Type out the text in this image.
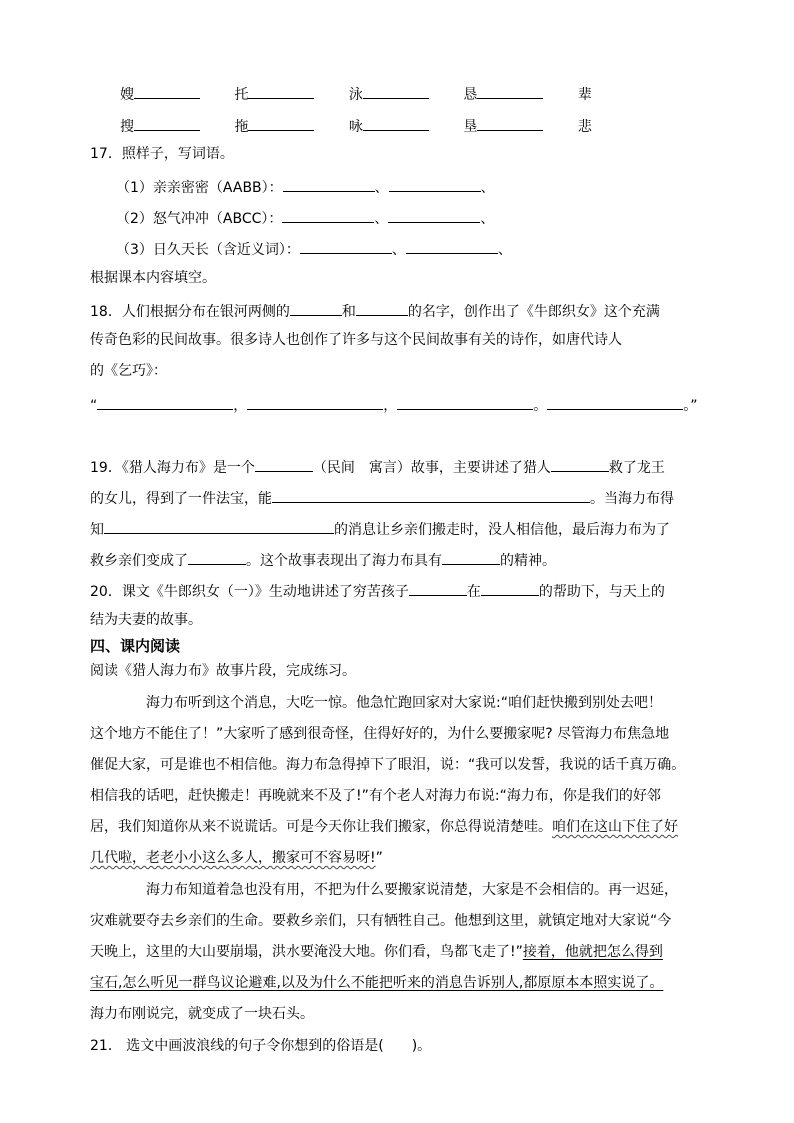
嫂	托	泳	恳	辈
搜	拖	咏	垦	悲
17．照样子，写词语。
（1）亲亲密密（AABB）：	、	、
（2）怒气冲冲（ABCC）：	、	、
（3）日久天长（含近义词）：	、	、
根据课本内容填空。
18．人们根据分布在银河两侧的	和	的名字，创作出了《牛郎织女》这个充满
传奇色彩的民间故事。很多诗人也创作了许多与这个民间故事有关的诗作，如唐代诗人
的《乞巧》：
“	，	，	。	。”
19．《猎人海力布》是一个	（民间　寓言）故事，主要讲述了猎人	救了龙王
的女儿，得到了一件法宝，能	。当海力布得
知	的消息让乡亲们搬走时，没人相信他，最后海力布为了
救乡亲们变成了	。这个故事表现出了海力布具有	的精神。
20．课文《牛郎织女（一）》生动地讲述了穷苦孩子	在	的帮助下，与天上的
结为夫妻的故事。
四、课内阅读
阅读《猎人海力布》故事片段，完成练习。
海力布听到这个消息，大吃一惊。他急忙跑回家对大家说:“咱们赶快搬到别处去吧！
这个地方不能住了！”大家听了感到很奇怪，住得好好的，为什么要搬家呢? 尽管海力布焦急地
催促大家，可是谁也不相信他。海力布急得掉下了眼泪，说：“我可以发誓，我说的话千真万确。
相信我的话吧，赶快搬走！再晚就来不及了!”有个老人对海力布说:“海力布，你是我们的好邻
居，我们知道你从来不说谎话。可是今天你让我们搬家，你总得说清楚哇。咱们在这山下住了好
几代啦，老老小小这么多人，搬家可不容易呀!”
海力布知道着急也没有用，不把为什么要搬家说清楚，大家是不会相信的。再一迟延，
灾难就要夺去乡亲们的生命。要救乡亲们，只有牺牲自己。他想到这里，就镇定地对大家说“今
天晚上，这里的大山要崩塌，洪水要淹没大地。你们看，鸟都飞走了!”接着，他就把怎么得到
宝石,怎么听见一群鸟议论避难,以及为什么不能把听来的消息告诉别人,都原原本本照实说了。
海力布刚说完，就变成了一块石头。
21． 选文中画波浪线的句子令你想到的俗语是(　　)。
